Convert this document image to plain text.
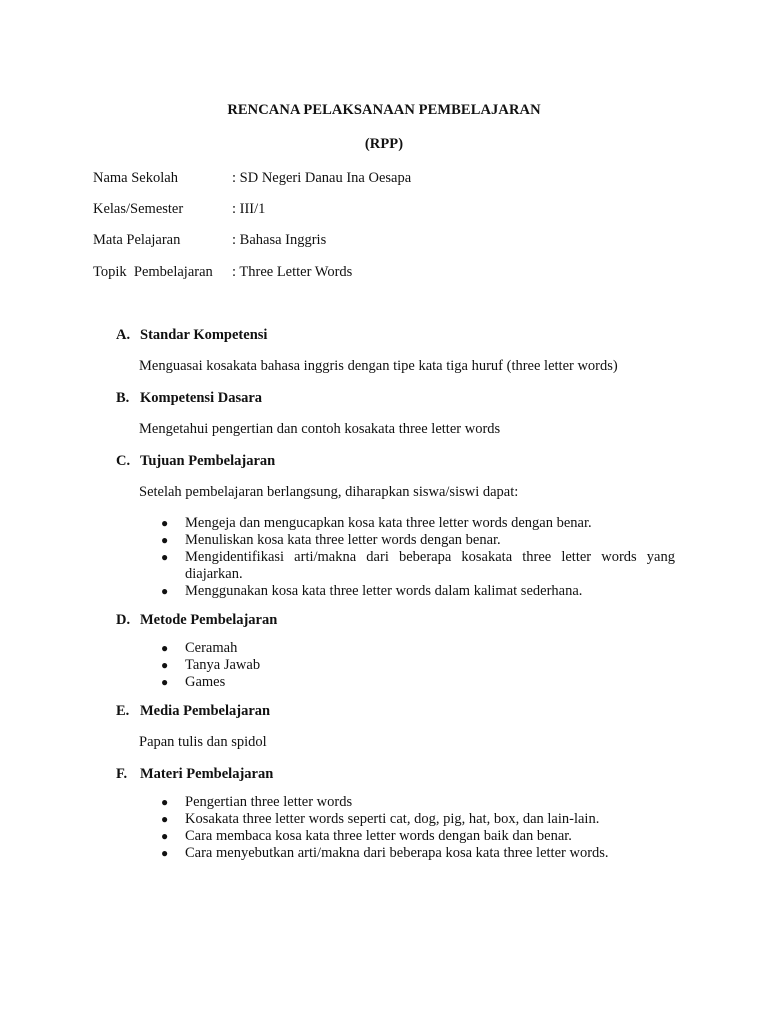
RENCANA PELAKSANAAN PEMBELAJARAN
(RPP)
Nama Sekolah	: SD Negeri Danau Ina Oesapa
Kelas/Semester	: III/1
Mata Pelajaran	: Bahasa Inggris
Topik  Pembelajaran : Three Letter Words
A. Standar Kompetensi
Menguasai kosakata bahasa inggris dengan tipe kata tiga huruf (three letter words)
B. Kompetensi Dasara
Mengetahui pengertian dan contoh kosakata three letter words
C. Tujuan Pembelajaran
Setelah pembelajaran berlangsung, diharapkan siswa/siswi dapat:
●	Mengeja dan mengucapkan kosa kata three letter words dengan benar.
●	Menuliskan kosa kata three letter words dengan benar.
●	Mengidentifikasi arti/makna dari beberapa kosakata three letter words yang diajarkan.
●	Menggunakan kosa kata three letter words dalam kalimat sederhana.
D. Metode Pembelajaran
●	Ceramah
●	Tanya Jawab
●	Games
E. Media Pembelajaran
Papan tulis dan spidol
F. Materi Pembelajaran
●	Pengertian three letter words
●	Kosakata three letter words seperti cat, dog, pig, hat, box, dan lain-lain.
●	Cara membaca kosa kata three letter words dengan baik dan benar.
●	Cara menyebutkan arti/makna dari beberapa kosa kata three letter words.
